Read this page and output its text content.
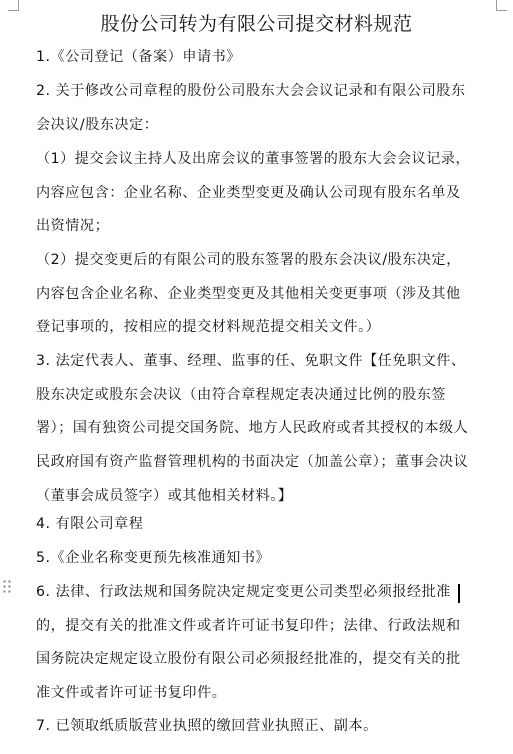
股份公司转为有限公司提交材料规范
1.《公司登记（备案）申请书》
2. 关于修改公司章程的股份公司股东大会会议记录和有限公司股东
会决议/股东决定：
（1）提交会议主持人及出席会议的董事签署的股东大会会议记录，
内容应包含：企业名称、企业类型变更及确认公司现有股东名单及
出资情况；
（2）提交变更后的有限公司的股东签署的股东会决议/股东决定，
内容包含企业名称、企业类型变更及其他相关变更事项（涉及其他
登记事项的，按相应的提交材料规范提交相关文件。）
3. 法定代表人、董事、经理、监事的任、免职文件【任免职文件、
股东决定或股东会决议（由符合章程规定表决通过比例的股东签
署）；国有独资公司提交国务院、地方人民政府或者其授权的本级人
民政府国有资产监督管理机构的书面决定（加盖公章）；董事会决议
（董事会成员签字）或其他相关材料。】
4. 有限公司章程
5.《企业名称变更预先核准通知书》
6. 法律、行政法规和国务院决定规定变更公司类型必须报经批准
的，提交有关的批准文件或者许可证书复印件；法律、行政法规和
国务院决定规定设立股份有限公司必须报经批准的，提交有关的批
准文件或者许可证书复印件。
7. 已领取纸质版营业执照的缴回营业执照正、副本。
